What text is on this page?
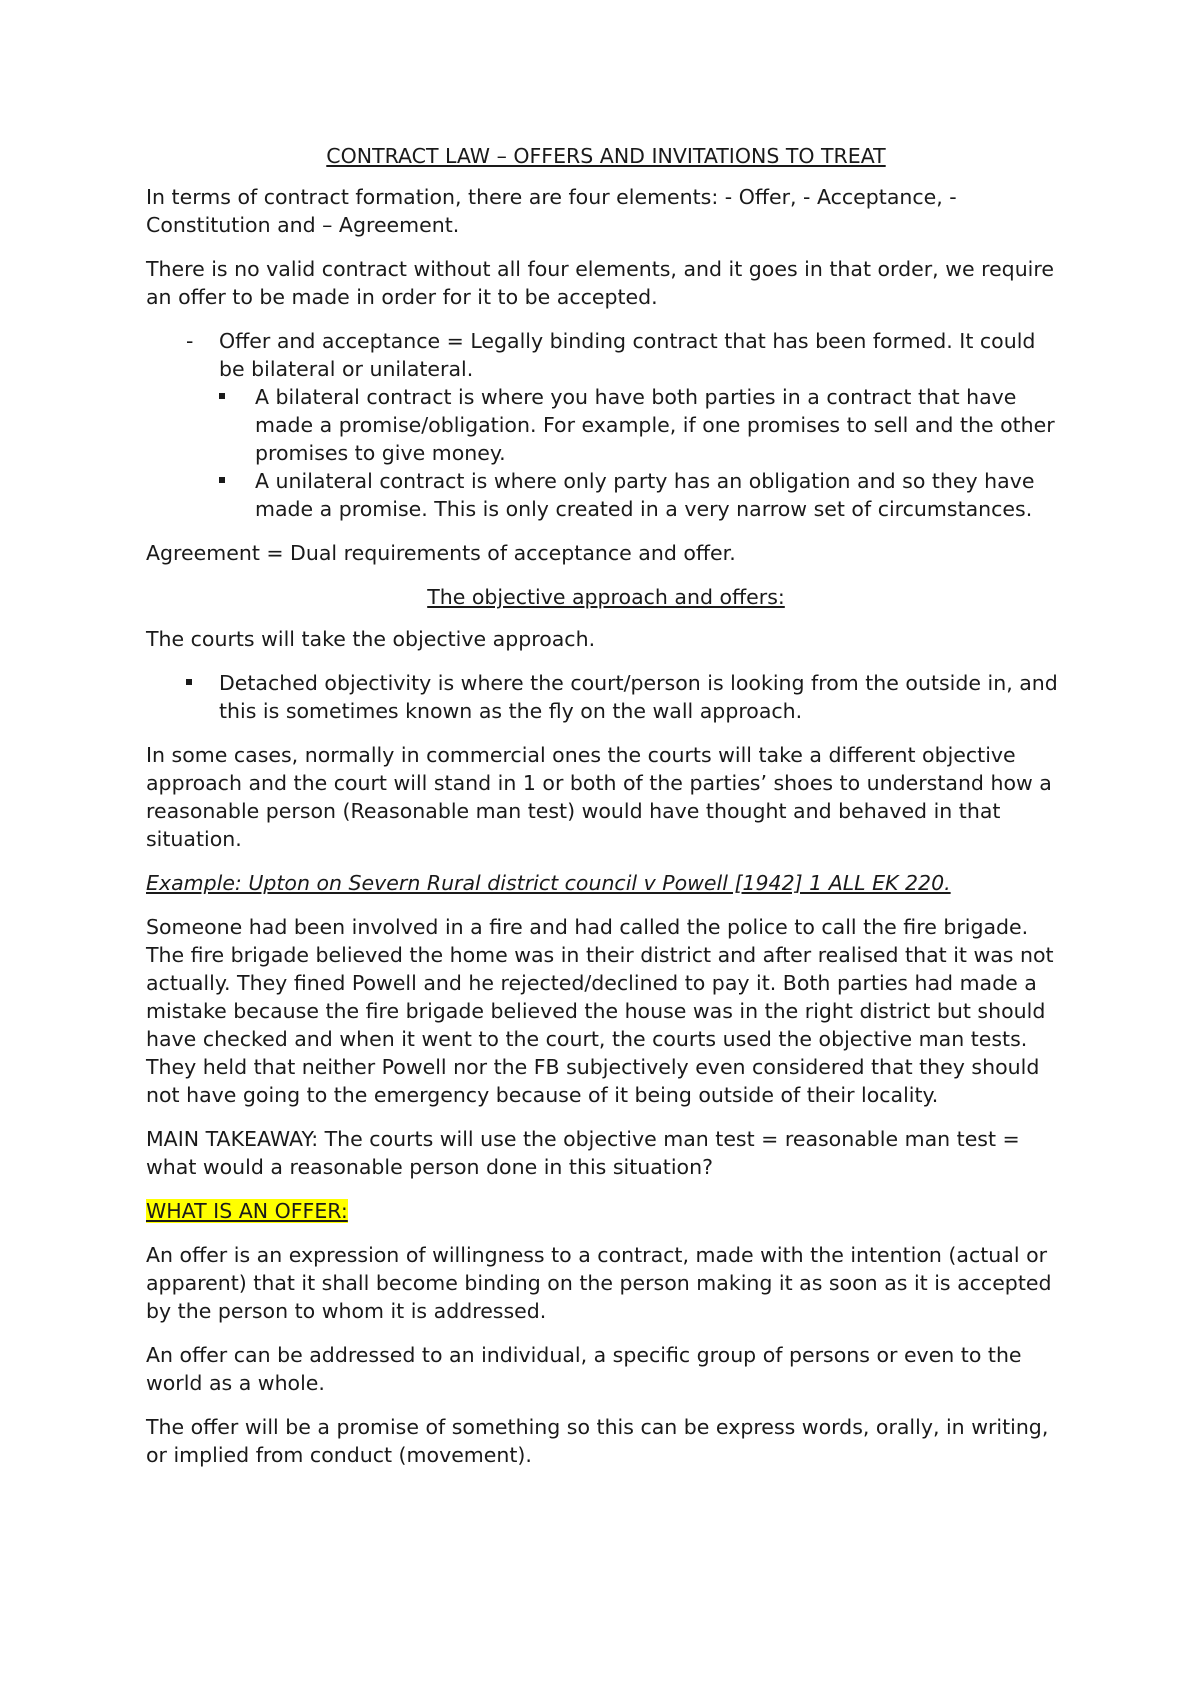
CONTRACT LAW – OFFERS AND INVITATIONS TO TREAT

In terms of contract formation, there are four elements: - Offer, - Acceptance, - Constitution and – Agreement.

There is no valid contract without all four elements, and it goes in that order, we require an offer to be made in order for it to be accepted.

- Offer and acceptance = Legally binding contract that has been formed. It could be bilateral or unilateral.
A bilateral contract is where you have both parties in a contract that have made a promise/obligation. For example, if one promises to sell and the other promises to give money.
A unilateral contract is where only party has an obligation and so they have made a promise. This is only created in a very narrow set of circumstances.

Agreement = Dual requirements of acceptance and offer.

The objective approach and offers:

The courts will take the objective approach.

Detached objectivity is where the court/person is looking from the outside in, and this is sometimes known as the fly on the wall approach.

In some cases, normally in commercial ones the courts will take a different objective approach and the court will stand in 1 or both of the parties’ shoes to understand how a reasonable person (Reasonable man test) would have thought and behaved in that situation.

Example: Upton on Severn Rural district council v Powell [1942] 1 ALL EK 220.

Someone had been involved in a fire and had called the police to call the fire brigade. The fire brigade believed the home was in their district and after realised that it was not actually. They fined Powell and he rejected/declined to pay it. Both parties had made a mistake because the fire brigade believed the house was in the right district but should have checked and when it went to the court, the courts used the objective man tests. They held that neither Powell nor the FB subjectively even considered that they should not have going to the emergency because of it being outside of their locality.

MAIN TAKEAWAY: The courts will use the objective man test = reasonable man test = what would a reasonable person done in this situation?

WHAT IS AN OFFER:

An offer is an expression of willingness to a contract, made with the intention (actual or apparent) that it shall become binding on the person making it as soon as it is accepted by the person to whom it is addressed.

An offer can be addressed to an individual, a specific group of persons or even to the world as a whole.

The offer will be a promise of something so this can be express words, orally, in writing, or implied from conduct (movement).
